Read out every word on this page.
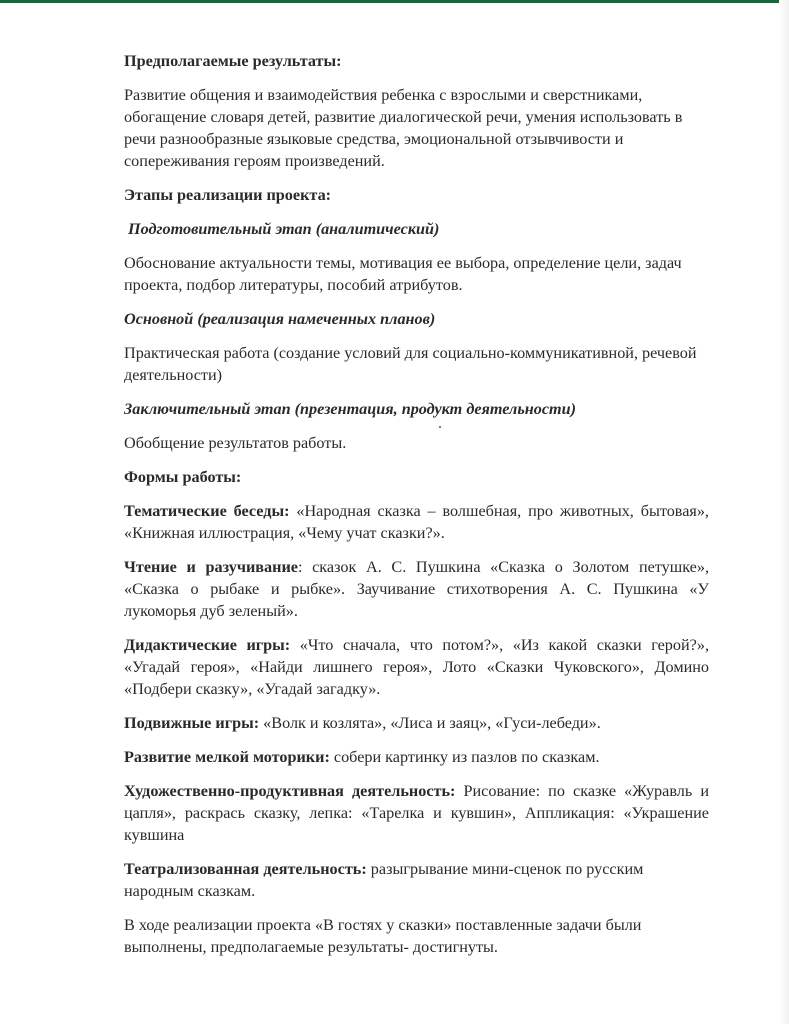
Предполагаемые результаты:

Развитие общения и взаимодействия ребенка с взрослыми и сверстниками, обогащение словаря детей, развитие диалогической речи, умения использовать в речи разнообразные языковые средства, эмоциональной отзывчивости и сопереживания героям произведений.

Этапы реализации проекта:

Подготовительный этап (аналитический)

Обоснование актуальности темы, мотивация ее выбора, определение цели, задач проекта, подбор литературы, пособий атрибутов.

Основной (реализация намеченных планов)

Практическая работа (создание условий для социально-коммуникативной, речевой деятельности)

Заключительный этап (презентация, продукт деятельности)

Обобщение результатов работы.

Формы работы:

Тематические беседы: «Народная сказка – волшебная, про животных, бытовая», «Книжная иллюстрация, «Чему учат сказки?».

Чтение и разучивание: сказок А. С. Пушкина «Сказка о Золотом петушке», «Сказка о рыбаке и рыбке». Заучивание стихотворения А. С. Пушкина «У лукоморья дуб зеленый».

Дидактические игры: «Что сначала, что потом?», «Из какой сказки герой?», «Угадай героя», «Найди лишнего героя», Лото «Сказки Чуковского», Домино «Подбери сказку», «Угадай загадку».

Подвижные игры: «Волк и козлята», «Лиса и заяц», «Гуси-лебеди».

Развитие мелкой моторики: собери картинку из пазлов по сказкам.

Художественно-продуктивная деятельность: Рисование: по сказке «Журавль и цапля», раскрась сказку, лепка: «Тарелка и кувшин», Аппликация: «Украшение кувшина

Театрализованная деятельность: разыгрывание мини-сценок по русским народным сказкам.

В ходе реализации проекта «В гостях у сказки» поставленные задачи были выполнены, предполагаемые результаты- достигнуты.
